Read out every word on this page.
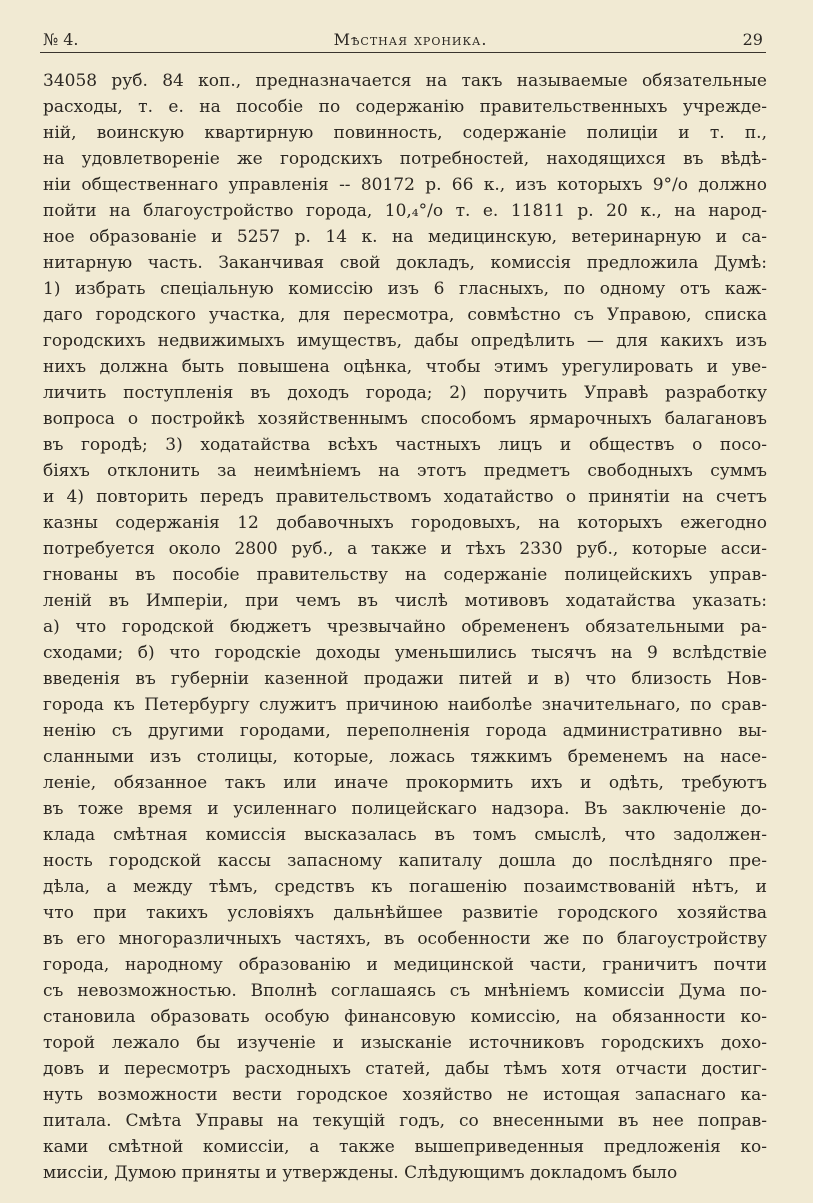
№ 4.	Мѣстная хроника.	29
34058 руб. 84 коп., предназначается на такъ называемые обязательные
расходы, т. е. на пособіе по содержанію правительственныхъ учрежде-
ній, воинскую квартирную повинность, содержаніе полиціи и т. п.,
на удовлетвореніе же городскихъ потребностей, находящихся въ вѣдѣ-
ніи общественнаго управленія -- 80172 р. 66 к., изъ которыхъ 9°/о должно
пойти на благоустройство города, 10,₄°/о т. е. 11811 р. 20 к., на народ-
ное образованіе и 5257 р. 14 к. на медицинскую, ветеринарную и са-
нитарную часть. Заканчивая свой докладъ, комиссія предложила Думѣ:
1) избрать спеціальную комиссію изъ 6 гласныхъ, по одному отъ каж-
даго городского участка, для пересмотра, совмѣстно съ Управою, списка
городскихъ недвижимыхъ имуществъ, дабы опредѣлить — для какихъ изъ
нихъ должна быть повышена оцѣнка, чтобы этимъ урегулировать и уве-
личить поступленія въ доходъ города; 2) поручить Управѣ разработку
вопроса о постройкѣ хозяйственнымъ способомъ ярмарочныхъ балагановъ
въ городѣ; 3) ходатайства всѣхъ частныхъ лицъ и обществъ о посо-
біяхъ отклонить за неимѣніемъ на этотъ предметъ свободныхъ суммъ
и 4) повторить передъ правительствомъ ходатайство о принятіи на счетъ
казны содержанія 12 добавочныхъ городовыхъ, на которыхъ ежегодно
потребуется около 2800 руб., а также и тѣхъ 2330 руб., которые асси-
гнованы въ пособіе правительству на содержаніе полицейскихъ управ-
леній въ Имперіи, при чемъ въ числѣ мотивовъ ходатайства указать:
а) что городской бюджетъ чрезвычайно обремененъ обязательными ра-
сходами; б) что городскіе доходы уменьшились тысячъ на 9 вслѣдствіе
введенія въ губерніи казенной продажи питей и в) что близость Нов-
города къ Петербургу служитъ причиною наиболѣе значительнаго, по срав-
ненію съ другими городами, переполненія города административно вы-
сланными изъ столицы, которые, ложась тяжкимъ бременемъ на насе-
леніе, обязанное такъ или иначе прокормить ихъ и одѣть, требуютъ
въ тоже время и усиленнаго полицейскаго надзора. Въ заключеніе до-
клада смѣтная комиссія высказалась въ томъ смыслѣ, что задолжен-
ность городской кассы запасному капиталу дошла до послѣдняго пре-
дѣла, а между тѣмъ, средствъ къ погашенію позаимствованій нѣтъ, и
что при такихъ условіяхъ дальнѣйшее развитіе городского хозяйства
въ его многоразличныхъ частяхъ, въ особенности же по благоустройству
города, народному образованію и медицинской части, граничитъ почти
съ невозможностью. Вполнѣ соглашаясь съ мнѣніемъ комиссіи Дума по-
становила образовать особую финансовую комиссію, на обязанности ко-
торой лежало бы изученіе и изысканіе источниковъ городскихъ дохо-
довъ и пересмотръ расходныхъ статей, дабы тѣмъ хотя отчасти достиг-
нуть возможности вести городское хозяйство не истощая запаснаго ка-
питала. Смѣта Управы на текущій годъ, со внесенными въ нее поправ-
ками смѣтной комиссіи, а также вышеприведенныя предложенія ко-
миссіи, Думою приняты и утверждены. Слѣдующимъ докладомъ было
